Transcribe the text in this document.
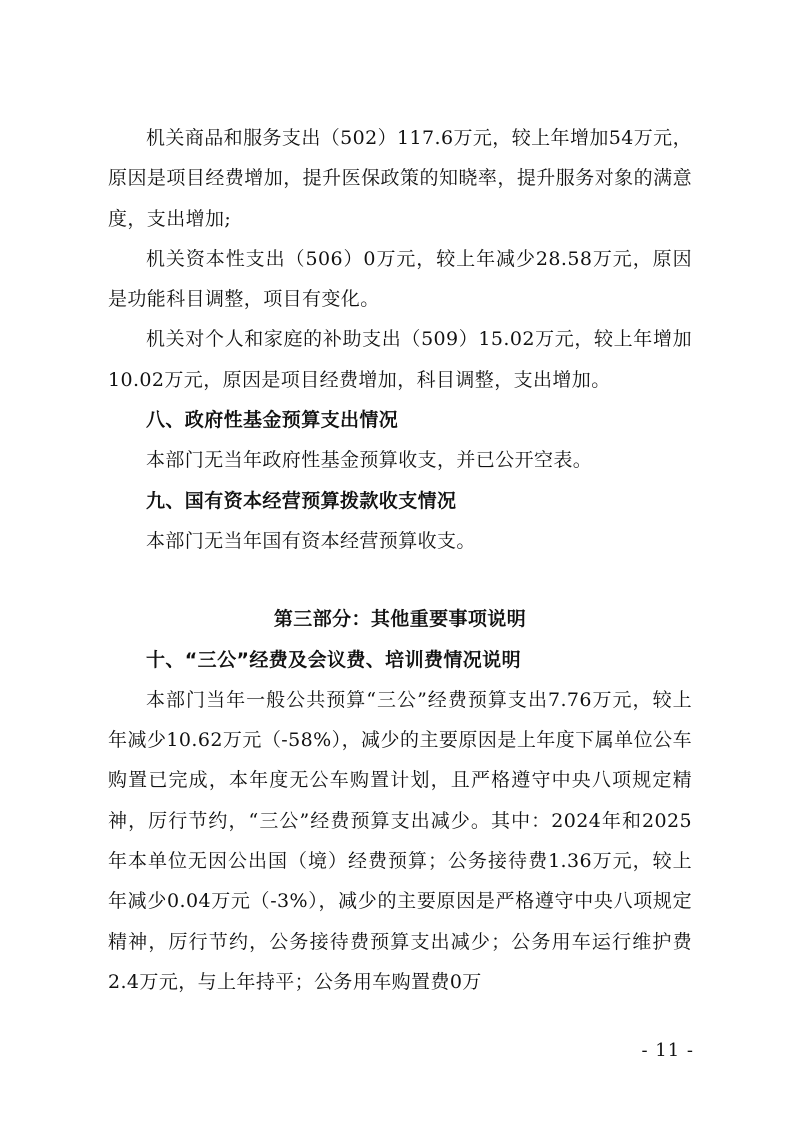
机关商品和服务支出（502）117.6万元，较上年增加54万元，原因是项目经费增加，提升医保政策的知晓率，提升服务对象的满意度，支出增加;

机关资本性支出（506）0万元，较上年减少28.58万元，原因是功能科目调整，项目有变化。

机关对个人和家庭的补助支出（509）15.02万元，较上年增加10.02万元，原因是项目经费增加，科目调整，支出增加。

八、政府性基金预算支出情况

本部门无当年政府性基金预算收支，并已公开空表。

九、国有资本经营预算拨款收支情况

本部门无当年国有资本经营预算收支。

第三部分：其他重要事项说明
十、“三公”经费及会议费、培训费情况说明

本部门当年一般公共预算“三公”经费预算支出7.76万元，较上年减少10.62万元（-58%），减少的主要原因是上年度下属单位公车购置已完成，本年度无公车购置计划，且严格遵守中央八项规定精神，厉行节约，“三公”经费预算支出减少。其中：2024年和2025年本单位无因公出国（境）经费预算；公务接待费1.36万元，较上年减少0.04万元（-3%），减少的主要原因是严格遵守中央八项规定精神，厉行节约，公务接待费预算支出减少；公务用车运行维护费2.4万元，与上年持平；公务用车购置费0万

- 11 -
